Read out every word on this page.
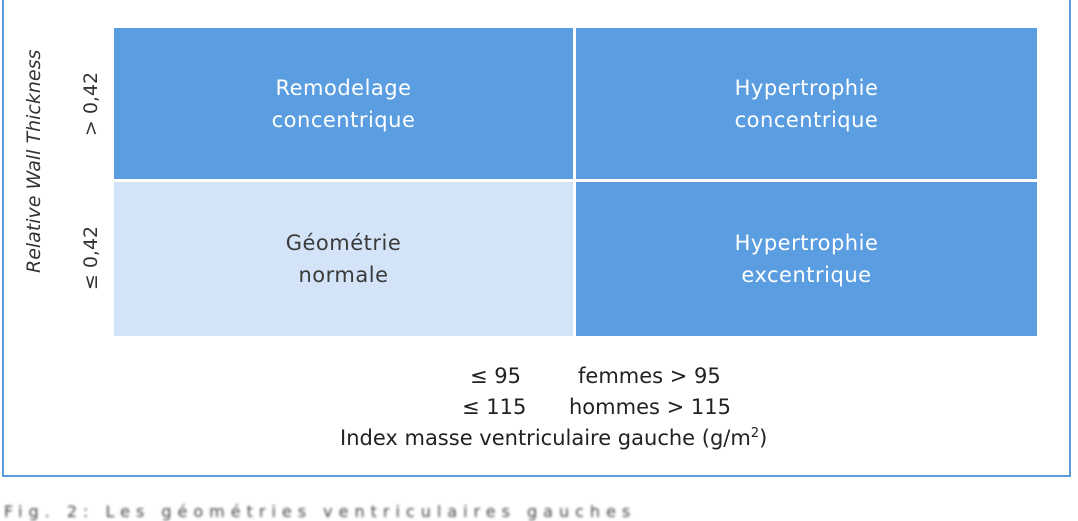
Remodelage
concentrique
Hypertrophie
concentrique
Géométrie
normale
Hypertrophie
excentrique
Relative Wall Thickness > 0,42
≤ 0,42
≤ 95	femmes > 95
≤ 115 hommes > 115
Index masse ventriculaire gauche $(g/m^2)$
Fig. 2: Les géométries ventriculaires gauches
